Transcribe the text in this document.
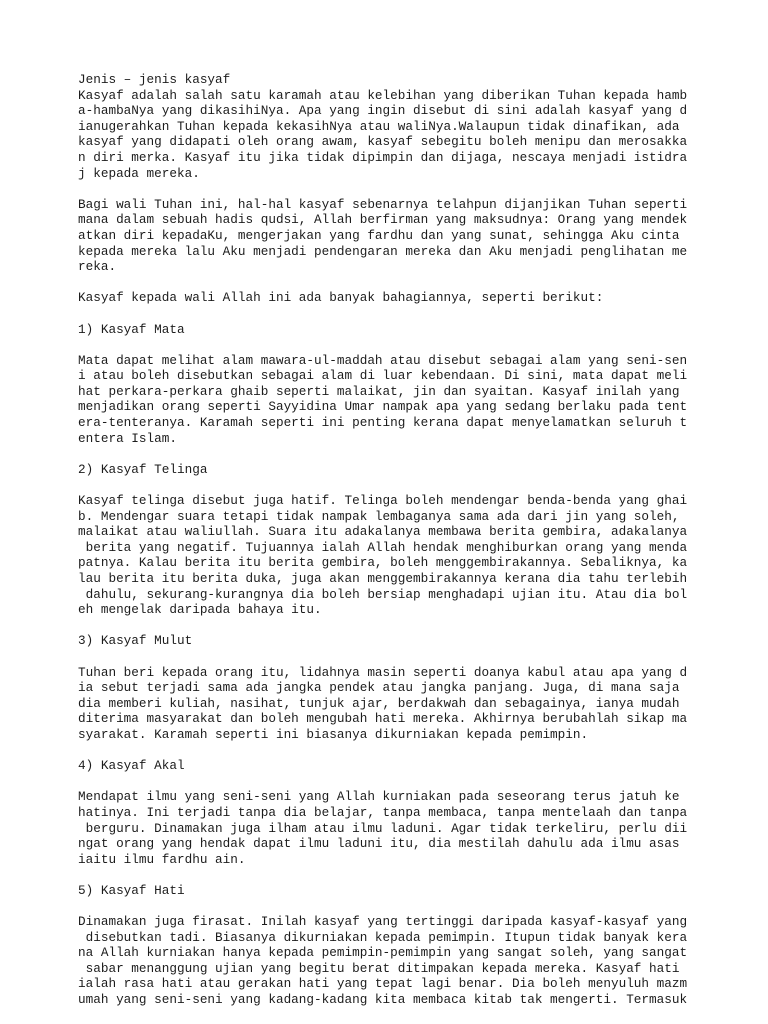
Jenis – jenis kasyaf
Kasyaf adalah salah satu karamah atau kelebihan yang diberikan Tuhan kepada hamb
a-hambaNya yang dikasihiNya. Apa yang ingin disebut di sini adalah kasyaf yang d
ianugerahkan Tuhan kepada kekasihNya atau waliNya.Walaupun tidak dinafikan, ada
kasyaf yang didapati oleh orang awam, kasyaf sebegitu boleh menipu dan merosakka
n diri merka. Kasyaf itu jika tidak dipimpin dan dijaga, nescaya menjadi istidra
j kepada mereka.
Bagi wali Tuhan ini, hal-hal kasyaf sebenarnya telahpun dijanjikan Tuhan seperti
mana dalam sebuah hadis qudsi, Allah berfirman yang maksudnya: Orang yang mendek
atkan diri kepadaKu, mengerjakan yang fardhu dan yang sunat, sehingga Aku cinta
kepada mereka lalu Aku menjadi pendengaran mereka dan Aku menjadi penglihatan me
reka.
Kasyaf kepada wali Allah ini ada banyak bahagiannya, seperti berikut:
1) Kasyaf Mata
Mata dapat melihat alam mawara-ul-maddah atau disebut sebagai alam yang seni-sen
i atau boleh disebutkan sebagai alam di luar kebendaan. Di sini, mata dapat meli
hat perkara-perkara ghaib seperti malaikat, jin dan syaitan. Kasyaf inilah yang
menjadikan orang seperti Sayyidina Umar nampak apa yang sedang berlaku pada tent
era-tenteranya. Karamah seperti ini penting kerana dapat menyelamatkan seluruh t
entera Islam.
2) Kasyaf Telinga
Kasyaf telinga disebut juga hatif. Telinga boleh mendengar benda-benda yang ghai
b. Mendengar suara tetapi tidak nampak lembaganya sama ada dari jin yang soleh,
malaikat atau waliullah. Suara itu adakalanya membawa berita gembira, adakalanya
berita yang negatif. Tujuannya ialah Allah hendak menghiburkan orang yang menda
patnya. Kalau berita itu berita gembira, boleh menggembirakannya. Sebaliknya, ka
lau berita itu berita duka, juga akan menggembirakannya kerana dia tahu terlebih
dahulu, sekurang-kurangnya dia boleh bersiap menghadapi ujian itu. Atau dia bol
eh mengelak daripada bahaya itu.
3) Kasyaf Mulut
Tuhan beri kepada orang itu, lidahnya masin seperti doanya kabul atau apa yang d
ia sebut terjadi sama ada jangka pendek atau jangka panjang. Juga, di mana saja
dia memberi kuliah, nasihat, tunjuk ajar, berdakwah dan sebagainya, ianya mudah
diterima masyarakat dan boleh mengubah hati mereka. Akhirnya berubahlah sikap ma
syarakat. Karamah seperti ini biasanya dikurniakan kepada pemimpin.
4) Kasyaf Akal
Mendapat ilmu yang seni-seni yang Allah kurniakan pada seseorang terus jatuh ke
hatinya. Ini terjadi tanpa dia belajar, tanpa membaca, tanpa mentelaah dan tanpa
berguru. Dinamakan juga ilham atau ilmu laduni. Agar tidak terkeliru, perlu dii
ngat orang yang hendak dapat ilmu laduni itu, dia mestilah dahulu ada ilmu asas
iaitu ilmu fardhu ain.
5) Kasyaf Hati
Dinamakan juga firasat. Inilah kasyaf yang tertinggi daripada kasyaf-kasyaf yang
disebutkan tadi. Biasanya dikurniakan kepada pemimpin. Itupun tidak banyak kera
na Allah kurniakan hanya kepada pemimpin-pemimpin yang sangat soleh, yang sangat
sabar menanggung ujian yang begitu berat ditimpakan kepada mereka. Kasyaf hati
ialah rasa hati atau gerakan hati yang tepat lagi benar. Dia boleh menyuluh mazm
umah yang seni-seni yang kadang-kadang kita membaca kitab tak mengerti. Termasuk
